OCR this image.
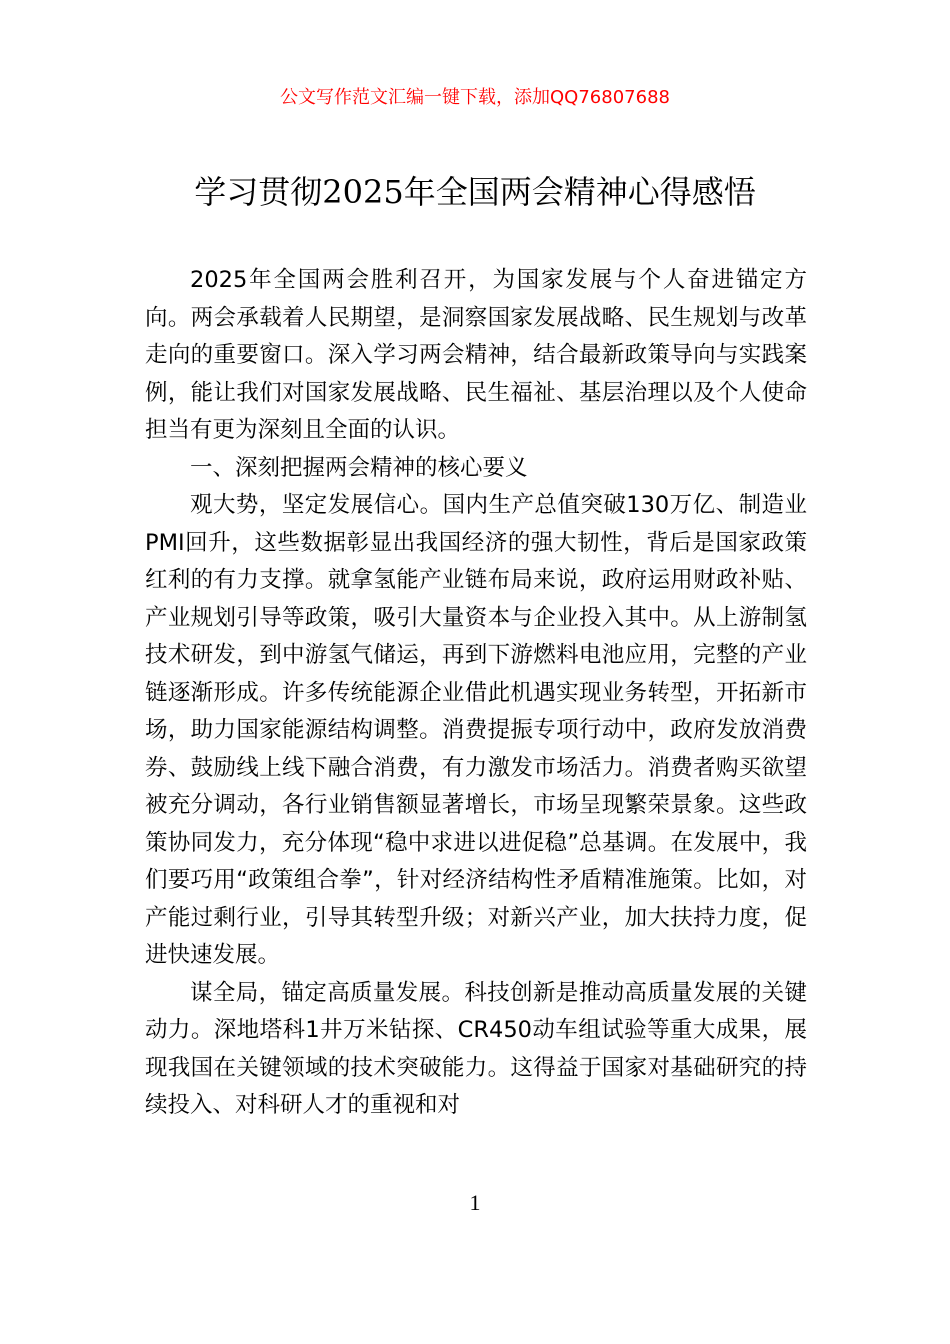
公文写作范文汇编一键下载，添加QQ76807688
学习贯彻2025年全国两会精神心得感悟

2025年全国两会胜利召开，为国家发展与个人奋进锚定方向。两会承载着人民期望，是洞察国家发展战略、民生规划与改革走向的重要窗口。深入学习两会精神，结合最新政策导向与实践案例，能让我们对国家发展战略、民生福祉、基层治理以及个人使命担当有更为深刻且全面的认识。

一、深刻把握两会精神的核心要义

观大势，坚定发展信心。国内生产总值突破130万亿、制造业PMI回升，这些数据彰显出我国经济的强大韧性，背后是国家政策红利的有力支撑。就拿氢能产业链布局来说，政府运用财政补贴、产业规划引导等政策，吸引大量资本与企业投入其中。从上游制氢技术研发，到中游氢气储运，再到下游燃料电池应用，完整的产业链逐渐形成。许多传统能源企业借此机遇实现业务转型，开拓新市场，助力国家能源结构调整。消费提振专项行动中，政府发放消费券、鼓励线上线下融合消费，有力激发市场活力。消费者购买欲望被充分调动，各行业销售额显著增长，市场呈现繁荣景象。这些政策协同发力，充分体现“稳中求进以进促稳”总基调。在发展中，我们要巧用“政策组合拳”，针对经济结构性矛盾精准施策。比如，对产能过剩行业，引导其转型升级；对新兴产业，加大扶持力度，促进快速发展。

谋全局，锚定高质量发展。科技创新是推动高质量发展的关键动力。深地塔科1井万米钻探、CR450动车组试验等重大成果，展现我国在关键领域的技术突破能力。这得益于国家对基础研究的持续投入、对科研人才的重视和对

1
